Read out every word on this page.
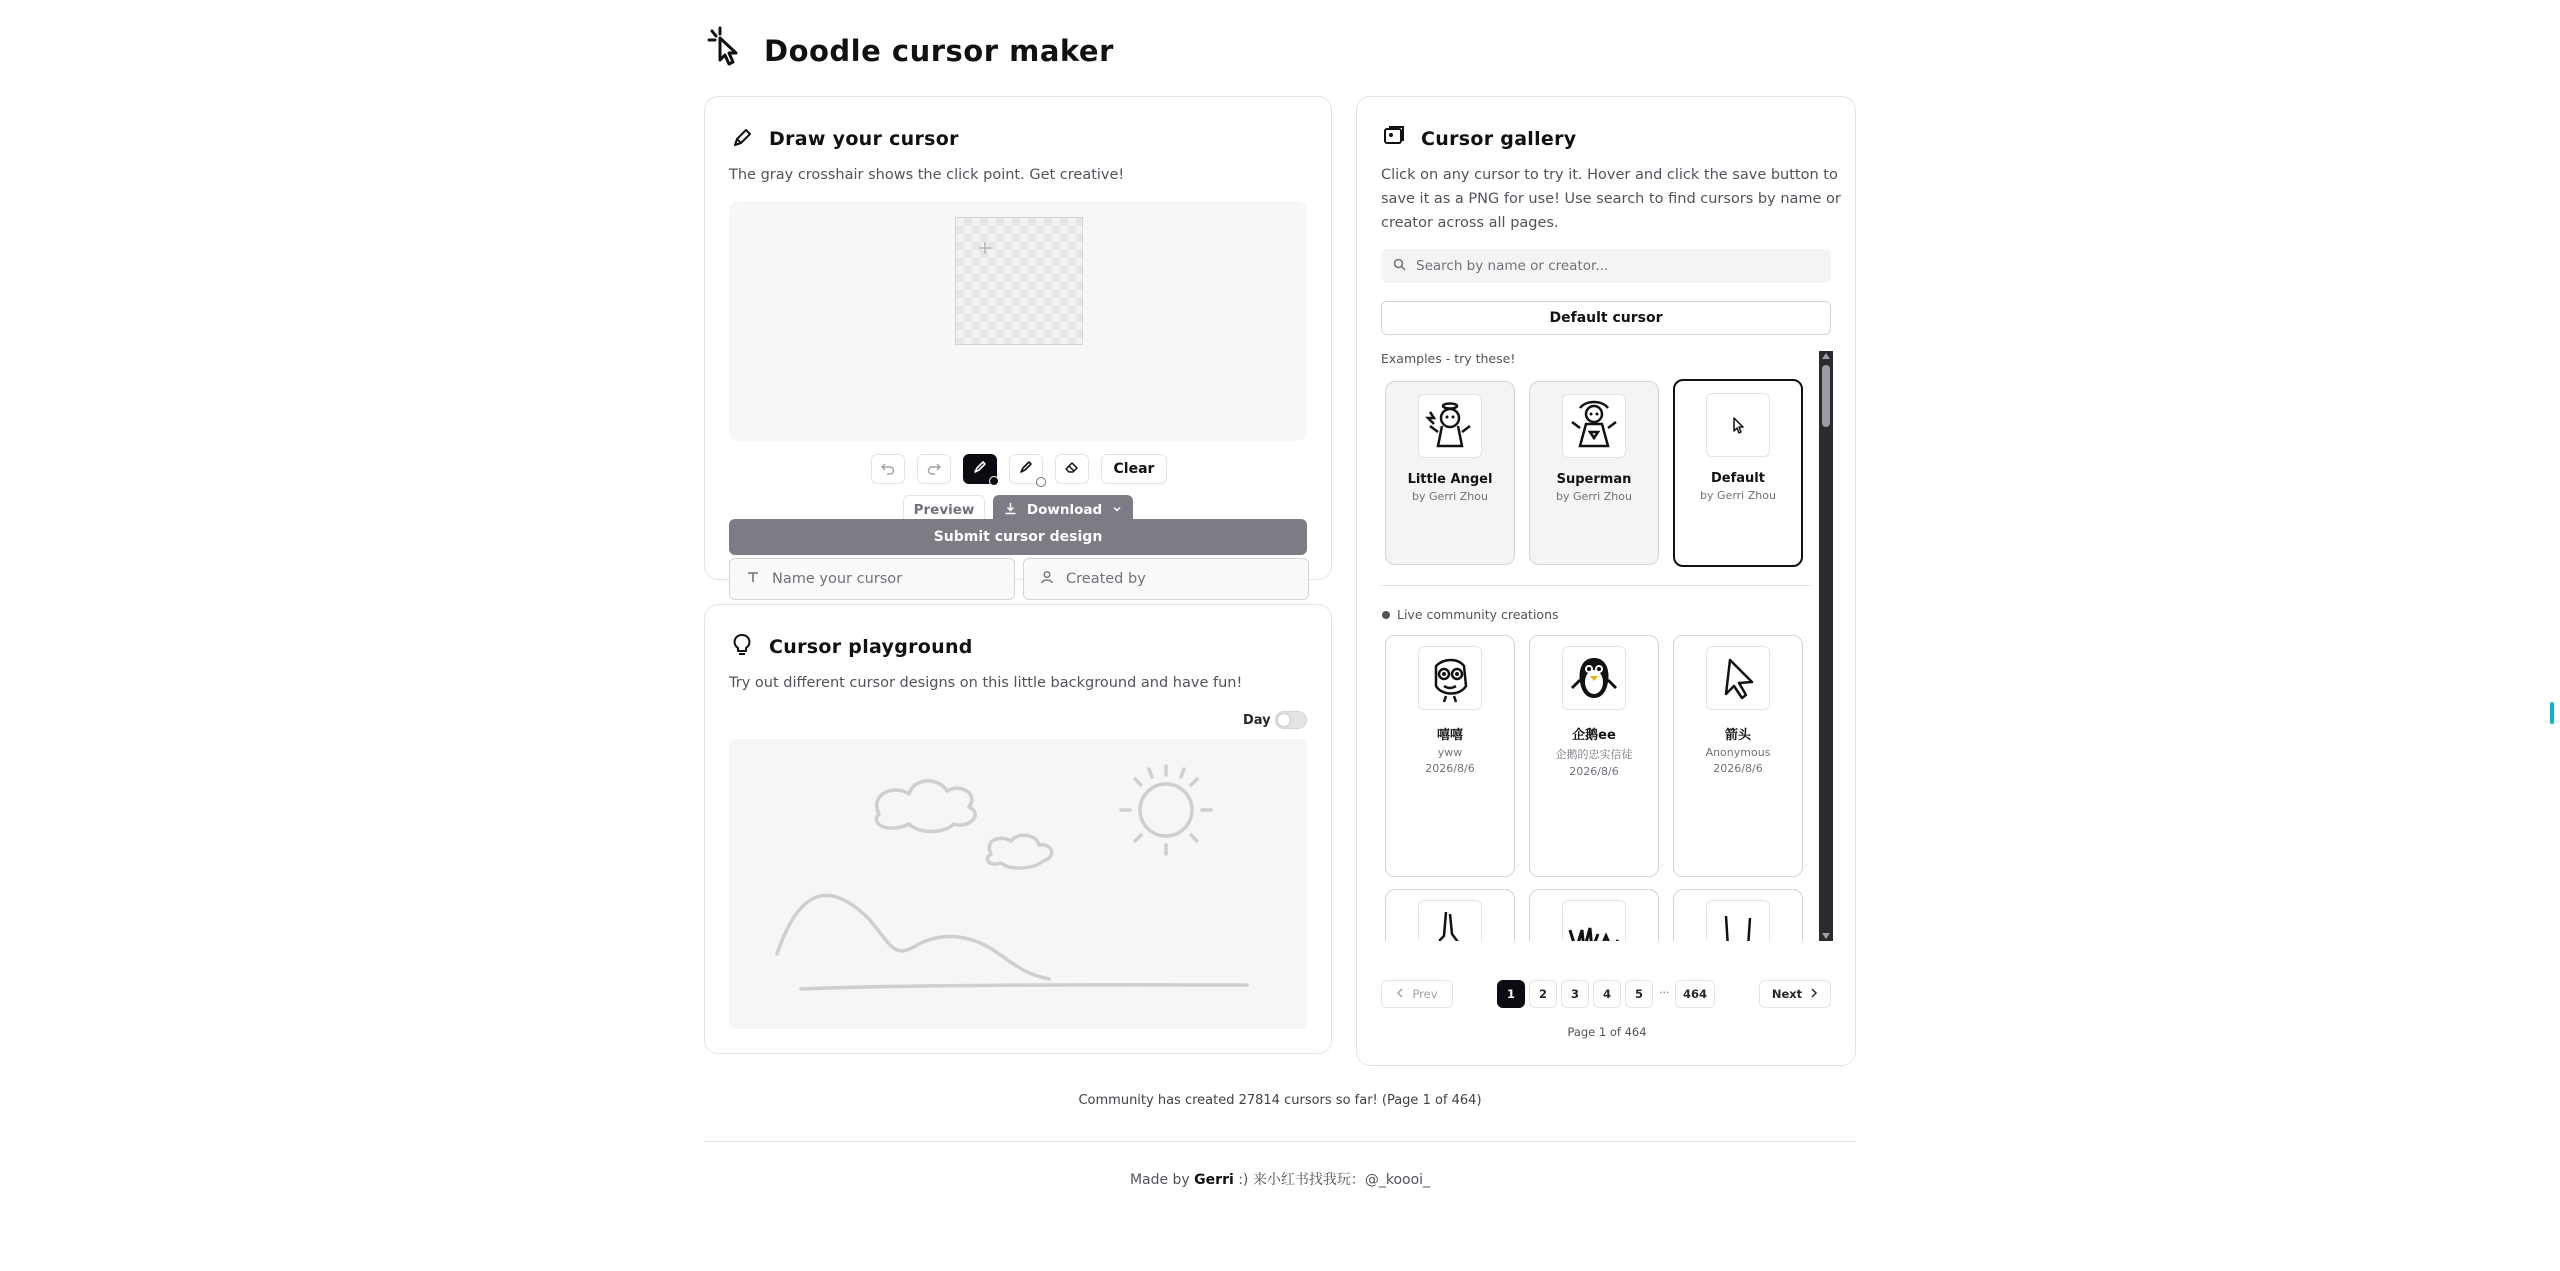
Doodle cursor maker
Draw your cursor
The gray crosshair shows the click point. Get creative!
Clear
Preview	Download
Name your cursor	Created by
Submit cursor design
Cursor playground
Try out different cursor designs on this little background and have fun!
Day
Cursor gallery
Click on any cursor to try it. Hover and click the save button to
save it as a PNG for use! Use search to find cursors by name or
creator across all pages.
Search by name or creator...
Default cursor
Examples - try these!
Little Angel
by Gerri Zhou
Superman
by Gerri Zhou
Default
by Gerri Zhou
Live community creations
嘻嘻
yww
2026/8/6
企鹅ee
企鹅的忠实信徒
2026/8/6
箭头
Anonymous
2026/8/6
Prev	1	2	3	4	5	...	464	Next
Page 1 of 464
Community has created 27814 cursors so far! (Page 1 of 464)
Made by Gerri :) 来小红书找我玩：@_koooi_
